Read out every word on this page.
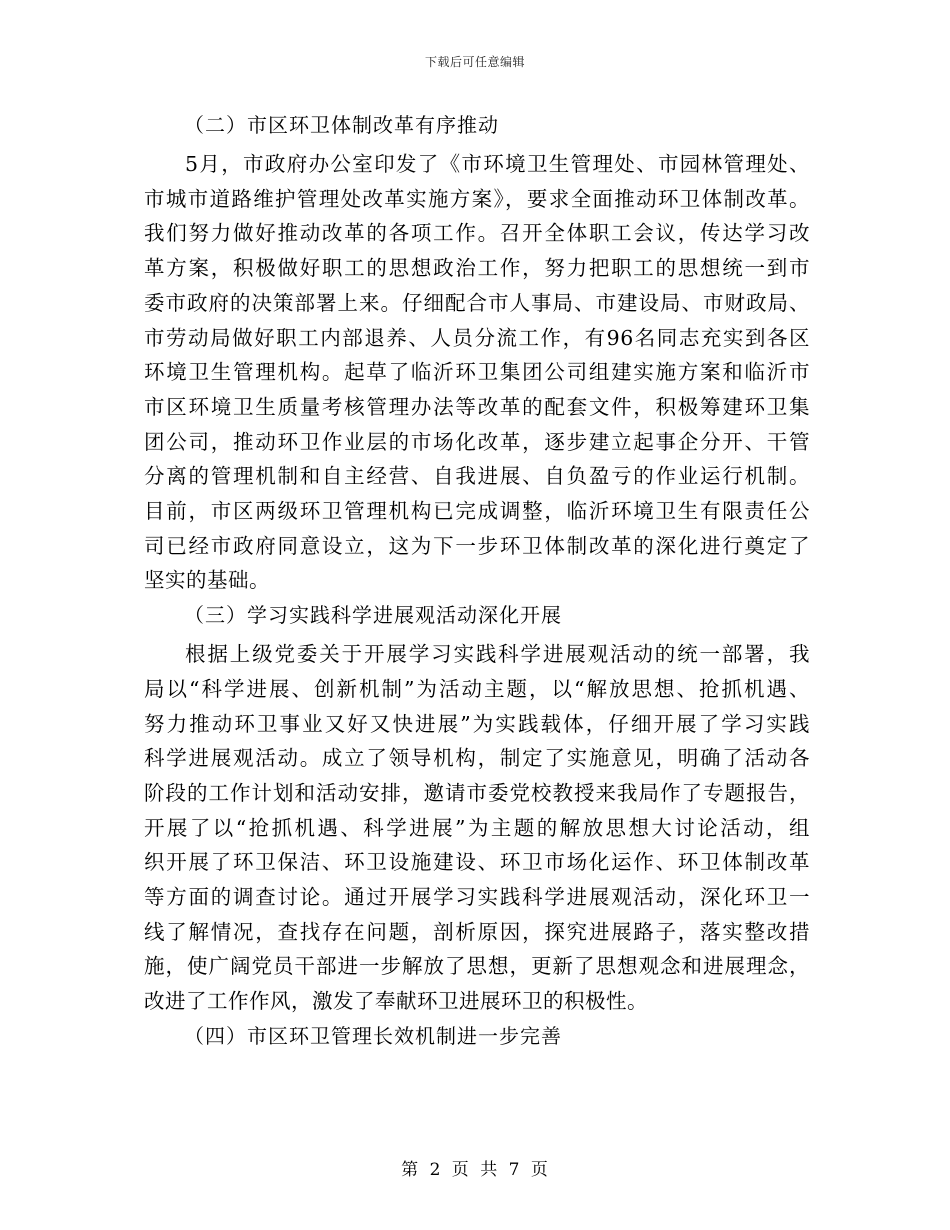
下载后可任意编辑
（二）市区环卫体制改革有序推动
5月，市政府办公室印发了《市环境卫生管理处、市园林管理处、
市城市道路维护管理处改革实施方案》，要求全面推动环卫体制改革。
我们努力做好推动改革的各项工作。召开全体职工会议，传达学习改
革方案，积极做好职工的思想政治工作，努力把职工的思想统一到市
委市政府的决策部署上来。仔细配合市人事局、市建设局、市财政局、
市劳动局做好职工内部退养、人员分流工作，有96名同志充实到各区
环境卫生管理机构。起草了临沂环卫集团公司组建实施方案和临沂市
市区环境卫生质量考核管理办法等改革的配套文件，积极筹建环卫集
团公司，推动环卫作业层的市场化改革，逐步建立起事企分开、干管
分离的管理机制和自主经营、自我进展、自负盈亏的作业运行机制。
目前，市区两级环卫管理机构已完成调整，临沂环境卫生有限责任公
司已经市政府同意设立，这为下一步环卫体制改革的深化进行奠定了
坚实的基础。
（三）学习实践科学进展观活动深化开展
根据上级党委关于开展学习实践科学进展观活动的统一部署，我
局以“科学进展、创新机制”为活动主题，以“解放思想、抢抓机遇、
努力推动环卫事业又好又快进展”为实践载体，仔细开展了学习实践
科学进展观活动。成立了领导机构，制定了实施意见，明确了活动各
阶段的工作计划和活动安排，邀请市委党校教授来我局作了专题报告，
开展了以“抢抓机遇、科学进展”为主题的解放思想大讨论活动，组
织开展了环卫保洁、环卫设施建设、环卫市场化运作、环卫体制改革
等方面的调查讨论。通过开展学习实践科学进展观活动，深化环卫一
线了解情况，查找存在问题，剖析原因，探究进展路子，落实整改措
施，使广阔党员干部进一步解放了思想，更新了思想观念和进展理念，
改进了工作作风，激发了奉献环卫进展环卫的积极性。
（四）市区环卫管理长效机制进一步完善
第 2 页 共 7 页
